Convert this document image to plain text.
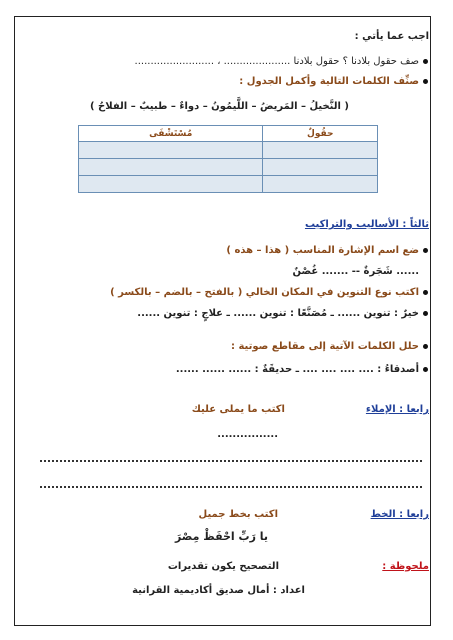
اجب عما يأتي :
صف حقول بلادنا ؟ حقول بلادنا ..................... ، .........................
صنِّف الكلمات التالية وأكمل الجدول :
( النَّخيلُ – المَريضُ – اللَّيمُونُ – دواءٌ – طبيبٌ – الفلاحُ )
حقُولٌ	مُسْتَشْفَى

ثالثاً : الأساليب والتراكيب
ضع اسم الإشارة المناسب ( هذا – هذه )
...... شَجَرةٌ -- ....... غُصْنٌ
اكتب نوع التنوين في المكان الخالي ( بالفتح – بالضم – بالكسر )
خيرٌ : تنوين ...... ـ مُصَنَّعًا : تنوين ...... ـ علاجٍ : تنوين ......
حلل الكلمات الآتية إلى مقاطع صوتية :
أصدقاءُ : .... .... .... .... ـ حديقَةٌ : ...... ...... ......
رابعا : الإملاء
اكتب ما يملى عليك
................
رابعا : الخط
اكتب بخط جميل
يا رَبِّ احْفَظْ مِصْرَ
ملحوظة :
التصحيح يكون تقديرات
اعداد : أمال صديق أكاديمية القرانية
